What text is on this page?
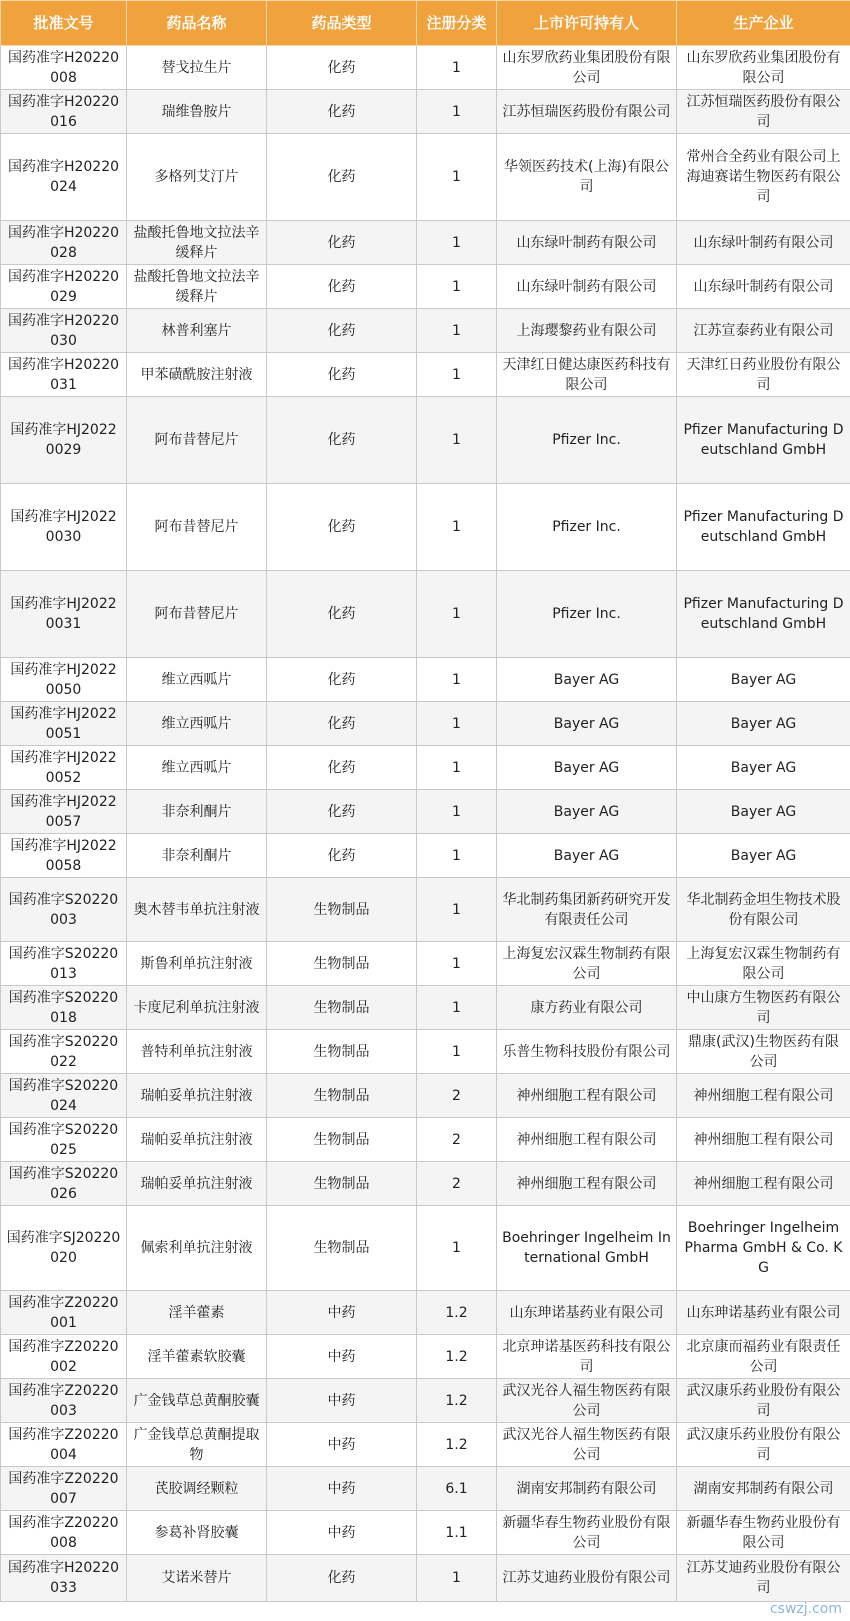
批准文号	药品名称	药品类型	注册分类	上市许可持有人	生产企业
国药准字H20220008	替戈拉生片	化药	1	山东罗欣药业集团股份有限公司	山东罗欣药业集团股份有限公司
国药准字H20220016	瑞维鲁胺片	化药	1	江苏恒瑞医药股份有限公司	江苏恒瑞医药股份有限公司
国药准字H20220024	多格列艾汀片	化药	1	华领医药技术(上海)有限公司	常州合全药业有限公司上海迪赛诺生物医药有限公司
国药准字H20220028	盐酸托鲁地文拉法辛缓释片	化药	1	山东绿叶制药有限公司	山东绿叶制药有限公司
国药准字H20220029	盐酸托鲁地文拉法辛缓释片	化药	1	山东绿叶制药有限公司	山东绿叶制药有限公司
国药准字H20220030	林普利塞片	化药	1	上海璎黎药业有限公司	江苏宣泰药业有限公司
国药准字H20220031	甲苯磺酰胺注射液	化药	1	天津红日健达康医药科技有限公司	天津红日药业股份有限公司
国药准字HJ20220029	阿布昔替尼片	化药	1	Pfizer Inc.	Pfizer Manufacturing Deutschland GmbH
国药准字HJ20220030	阿布昔替尼片	化药	1	Pfizer Inc.	Pfizer Manufacturing Deutschland GmbH
国药准字HJ20220031	阿布昔替尼片	化药	1	Pfizer Inc.	Pfizer Manufacturing Deutschland GmbH
国药准字HJ20220050	维立西呱片	化药	1	Bayer AG	Bayer AG
国药准字HJ20220051	维立西呱片	化药	1	Bayer AG	Bayer AG
国药准字HJ20220052	维立西呱片	化药	1	Bayer AG	Bayer AG
国药准字HJ20220057	非奈利酮片	化药	1	Bayer AG	Bayer AG
国药准字HJ20220058	非奈利酮片	化药	1	Bayer AG	Bayer AG
国药准字S20220003	奥木替韦单抗注射液	生物制品	1	华北制药集团新药研究开发有限责任公司	华北制药金坦生物技术股份有限公司
国药准字S20220013	斯鲁利单抗注射液	生物制品	1	上海复宏汉霖生物制药有限公司	上海复宏汉霖生物制药有限公司
国药准字S20220018	卡度尼利单抗注射液	生物制品	1	康方药业有限公司	中山康方生物医药有限公司
国药准字S20220022	普特利单抗注射液	生物制品	1	乐普生物科技股份有限公司	鼎康(武汉)生物医药有限公司
国药准字S20220024	瑞帕妥单抗注射液	生物制品	2	神州细胞工程有限公司	神州细胞工程有限公司
国药准字S20220025	瑞帕妥单抗注射液	生物制品	2	神州细胞工程有限公司	神州细胞工程有限公司
国药准字S20220026	瑞帕妥单抗注射液	生物制品	2	神州细胞工程有限公司	神州细胞工程有限公司
国药准字SJ20220020	佩索利单抗注射液	生物制品	1	Boehringer Ingelheim International GmbH	Boehringer Ingelheim Pharma GmbH & Co. KG
国药准字Z20220001	淫羊藿素	中药	1.2	山东珅诺基药业有限公司	山东珅诺基药业有限公司
国药准字Z20220002	淫羊藿素软胶囊	中药	1.2	北京珅诺基医药科技有限公司	北京康而福药业有限责任公司
国药准字Z20220003	广金钱草总黄酮胶囊	中药	1.2	武汉光谷人福生物医药有限公司	武汉康乐药业股份有限公司
国药准字Z20220004	广金钱草总黄酮提取物	中药	1.2	武汉光谷人福生物医药有限公司	武汉康乐药业股份有限公司
国药准字Z20220007	芪胶调经颗粒	中药	6.1	湖南安邦制药有限公司	湖南安邦制药有限公司
国药准字Z20220008	参葛补肾胶囊	中药	1.1	新疆华春生物药业股份有限公司	新疆华春生物药业股份有限公司
国药准字H20220033	艾诺米替片	化药	1	江苏艾迪药业股份有限公司	江苏艾迪药业股份有限公司
cswzj.com
